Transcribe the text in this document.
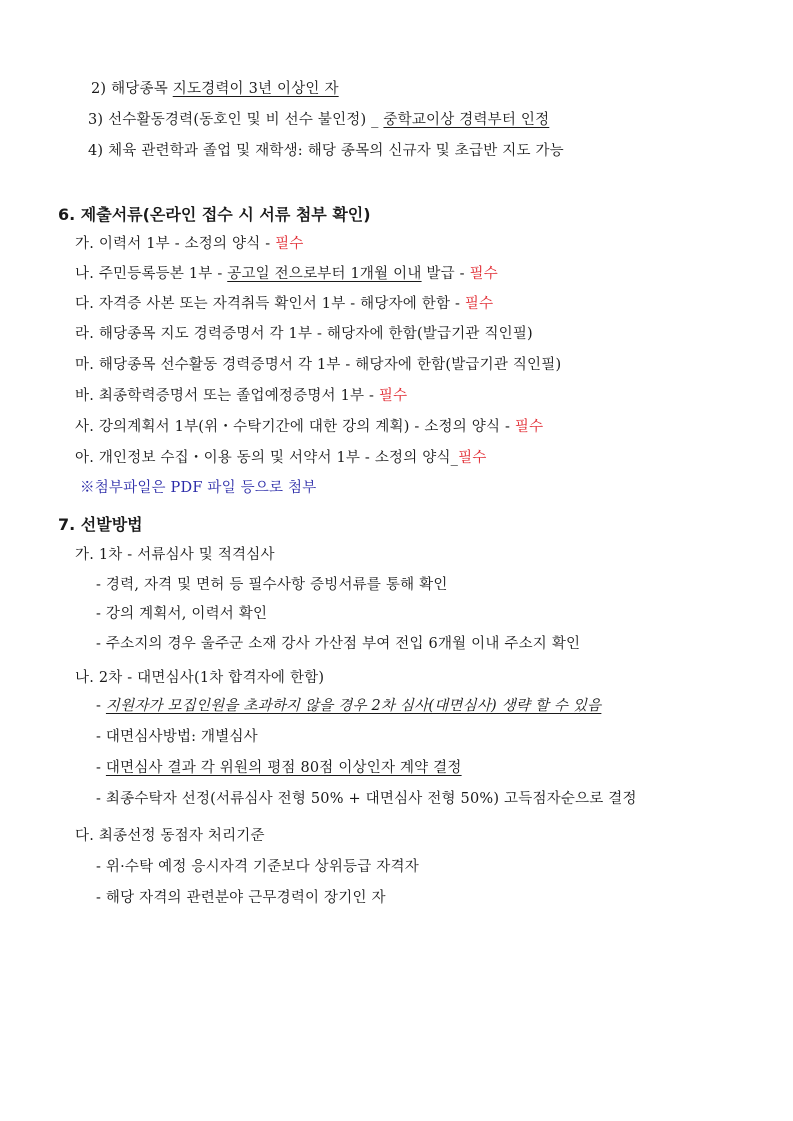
2) 해당종목 지도경력이 3년 이상인 자
3) 선수활동경력(동호인 및 비 선수 불인정) _ 중학교이상 경력부터 인정
4) 체육 관련학과 졸업 및 재학생: 해당 종목의 신규자 및 초급반 지도 가능
6. 제출서류(온라인 접수 시 서류 첨부 확인)
가. 이력서 1부 - 소정의 양식 - 필수
나. 주민등록등본 1부 - 공고일 전으로부터 1개월 이내 발급 - 필수
다. 자격증 사본 또는 자격취득 확인서 1부 - 해당자에 한함 - 필수
라. 해당종목 지도 경력증명서 각 1부 - 해당자에 한함(발급기관 직인필)
마. 해당종목 선수활동 경력증명서 각 1부 - 해당자에 한함(발급기관 직인필)
바. 최종학력증명서 또는 졸업예정증명서 1부 - 필수
사. 강의계획서 1부(위・수탁기간에 대한 강의 계획) - 소정의 양식 - 필수
아. 개인정보 수집・이용 동의 및 서약서 1부 - 소정의 양식_필수
※첨부파일은 PDF 파일 등으로 첨부
7. 선발방법
가. 1차 - 서류심사 및 적격심사
- 경력, 자격 및 면허 등 필수사항 증빙서류를 통해 확인
- 강의 계획서, 이력서 확인
- 주소지의 경우 울주군 소재 강사 가산점 부여 전입 6개월 이내 주소지 확인
나. 2차 - 대면심사(1차 합격자에 한함)
- 지원자가 모집인원을 초과하지 않을 경우 2차 심사(대면심사) 생략 할 수 있음
- 대면심사방법: 개별심사
- 대면심사 결과 각 위원의 평점 80점 이상인자 계약 결정
- 최종수탁자 선정(서류심사 전형 50% + 대면심사 전형 50%) 고득점자순으로 결정
다. 최종선정 동점자 처리기준
- 위·수탁 예정 응시자격 기준보다 상위등급 자격자
- 해당 자격의 관련분야 근무경력이 장기인 자
